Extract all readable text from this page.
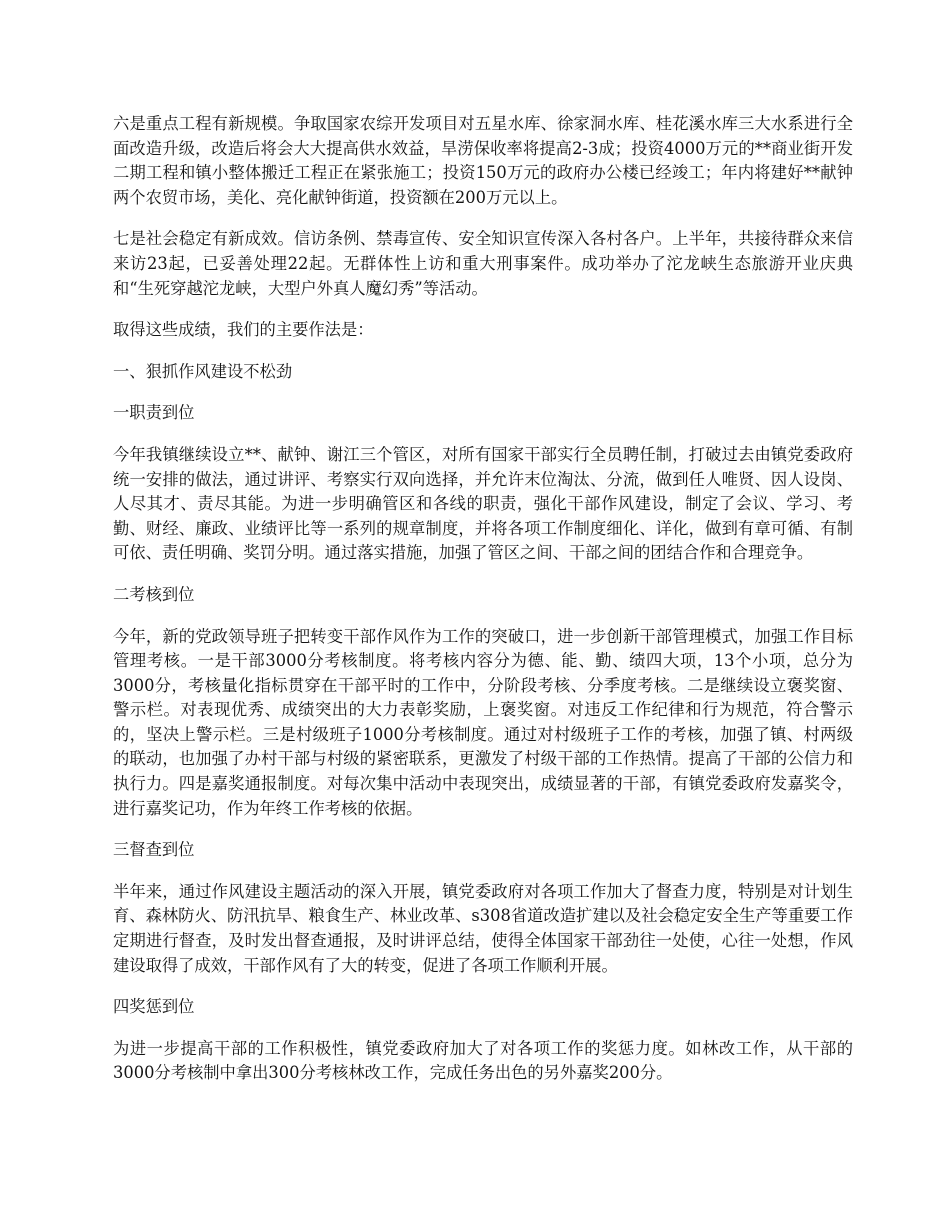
六是重点工程有新规模。争取国家农综开发项目对五星水库、徐家洞水库、桂花溪水库三大水系进行全面改造升级，改造后将会大大提高供水效益，旱涝保收率将提高2-3成；投资4000万元的**商业街开发二期工程和镇小整体搬迁工程正在紧张施工；投资150万元的政府办公楼已经竣工；年内将建好**献钟两个农贸市场，美化、亮化献钟街道，投资额在200万元以上。

七是社会稳定有新成效。信访条例、禁毒宣传、安全知识宣传深入各村各户。上半年，共接待群众来信来访23起，已妥善处理22起。无群体性上访和重大刑事案件。成功举办了沱龙峡生态旅游开业庆典和“生死穿越沱龙峡，大型户外真人魔幻秀”等活动。

取得这些成绩，我们的主要作法是：

一、狠抓作风建设不松劲

一职责到位

今年我镇继续设立**、献钟、谢江三个管区，对所有国家干部实行全员聘任制，打破过去由镇党委政府统一安排的做法，通过讲评、考察实行双向选择，并允许末位淘汰、分流，做到任人唯贤、因人设岗、人尽其才、责尽其能。为进一步明确管区和各线的职责，强化干部作风建设，制定了会议、学习、考勤、财经、廉政、业绩评比等一系列的规章制度，并将各项工作制度细化、详化，做到有章可循、有制可依、责任明确、奖罚分明。通过落实措施，加强了管区之间、干部之间的团结合作和合理竞争。

二考核到位

今年，新的党政领导班子把转变干部作风作为工作的突破口，进一步创新干部管理模式，加强工作目标管理考核。一是干部3000分考核制度。将考核内容分为德、能、勤、绩四大项，13个小项，总分为3000分，考核量化指标贯穿在干部平时的工作中，分阶段考核、分季度考核。二是继续设立褒奖窗、警示栏。对表现优秀、成绩突出的大力表彰奖励，上褒奖窗。对违反工作纪律和行为规范，符合警示的，坚决上警示栏。三是村级班子1000分考核制度。通过对村级班子工作的考核，加强了镇、村两级的联动，也加强了办村干部与村级的紧密联系，更激发了村级干部的工作热情。提高了干部的公信力和执行力。四是嘉奖通报制度。对每次集中活动中表现突出，成绩显著的干部，有镇党委政府发嘉奖令，进行嘉奖记功，作为年终工作考核的依据。

三督查到位

半年来，通过作风建设主题活动的深入开展，镇党委政府对各项工作加大了督查力度，特别是对计划生育、森林防火、防汛抗旱、粮食生产、林业改革、s308省道改造扩建以及社会稳定安全生产等重要工作定期进行督查，及时发出督查通报，及时讲评总结，使得全体国家干部劲往一处使，心往一处想，作风建设取得了成效，干部作风有了大的转变，促进了各项工作顺利开展。

四奖惩到位

为进一步提高干部的工作积极性，镇党委政府加大了对各项工作的奖惩力度。如林改工作，从干部的3000分考核制中拿出300分考核林改工作，完成任务出色的另外嘉奖200分。
